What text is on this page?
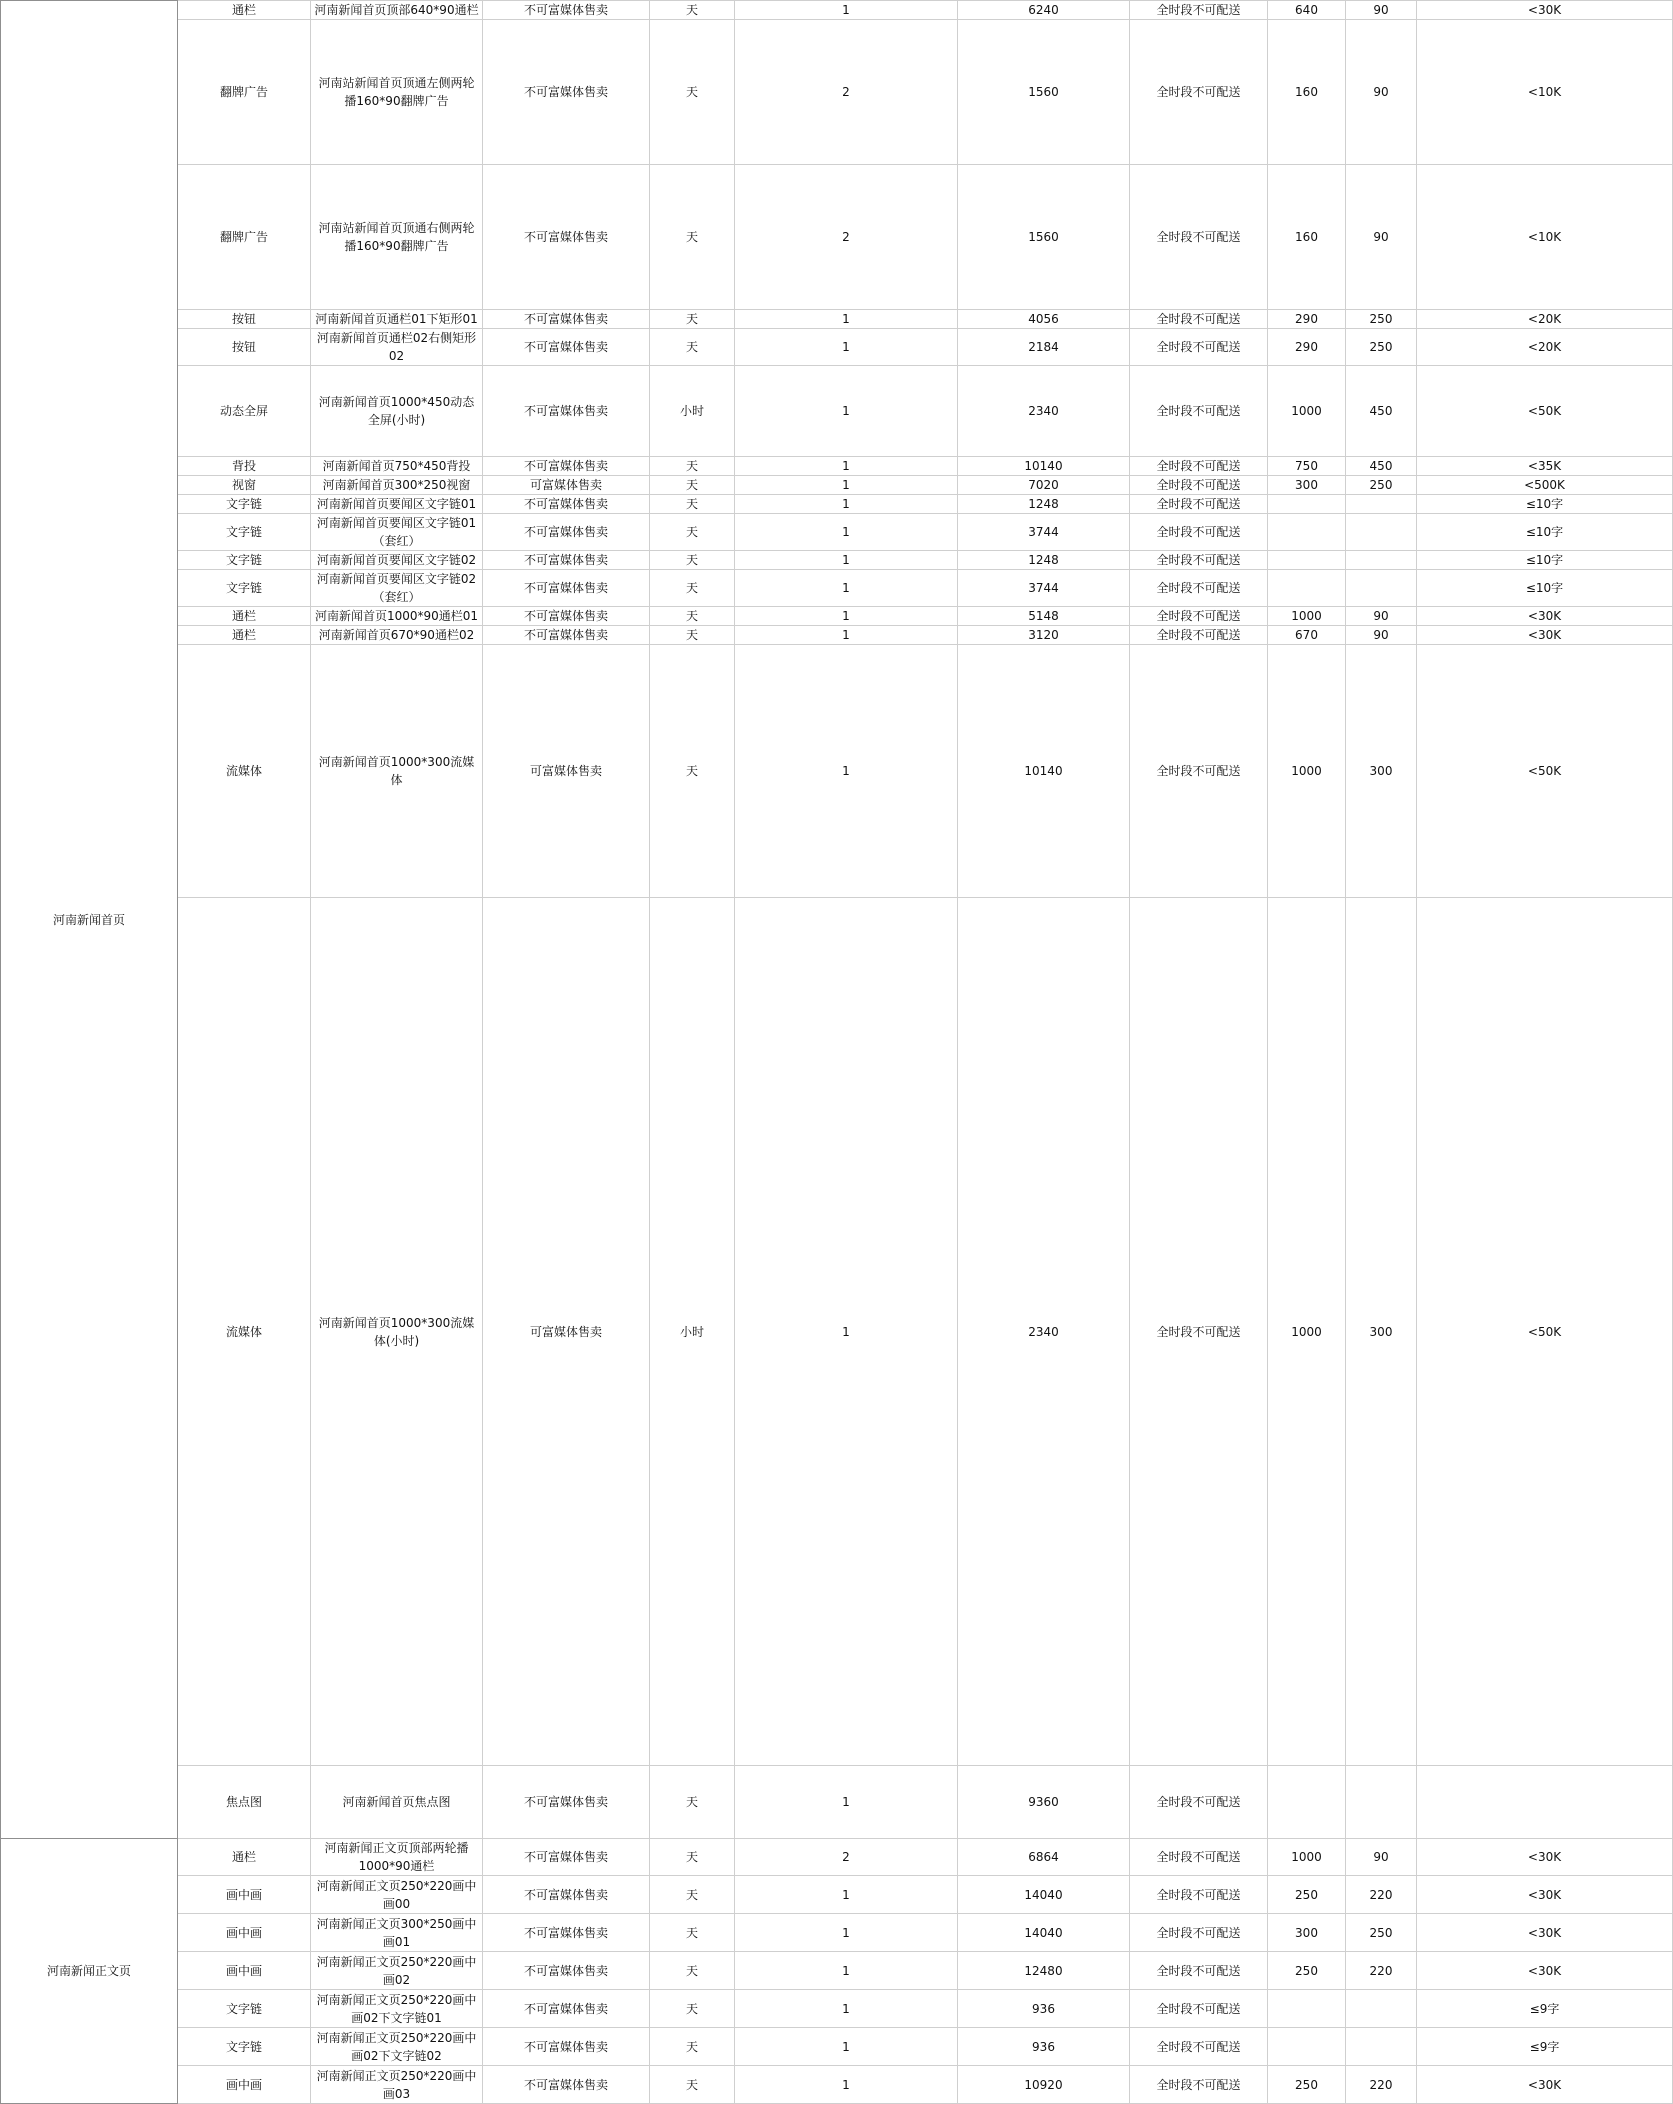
河南新闻首页	通栏	河南新闻首页顶部640*90通栏	不可富媒体售卖	天	1	6240	全时段不可配送	640	90	<30K	
	翻牌广告	河南站新闻首页顶通左侧两轮播160*90翻牌广告	不可富媒体售卖	天	2	1560	全时段不可配送	160	90	<10K	
	翻牌广告	河南站新闻首页顶通右侧两轮播160*90翻牌广告	不可富媒体售卖	天	2	1560	全时段不可配送	160	90	<10K	
	按钮	河南新闻首页通栏01下矩形01	不可富媒体售卖	天	1	4056	全时段不可配送	290	250	<20K	
	按钮	河南新闻首页通栏02右侧矩形02	不可富媒体售卖	天	1	2184	全时段不可配送	290	250	<20K	
	动态全屏	河南新闻首页1000*450动态全屏(小时)	不可富媒体售卖	小时	1	2340	全时段不可配送	1000	450	<50K	
	背投	河南新闻首页750*450背投	不可富媒体售卖	天	1	10140	全时段不可配送	750	450	<35K	
	视窗	河南新闻首页300*250视窗	可富媒体售卖	天	1	7020	全时段不可配送	300	250	<500K	
	文字链	河南新闻首页要闻区文字链01	不可富媒体售卖	天	1	1248	全时段不可配送			≤10字	
	文字链	河南新闻首页要闻区文字链01（套红）	不可富媒体售卖	天	1	3744	全时段不可配送			≤10字	
	文字链	河南新闻首页要闻区文字链02	不可富媒体售卖	天	1	1248	全时段不可配送			≤10字	
	文字链	河南新闻首页要闻区文字链02（套红）	不可富媒体售卖	天	1	3744	全时段不可配送			≤10字	
	通栏	河南新闻首页1000*90通栏01	不可富媒体售卖	天	1	5148	全时段不可配送	1000	90	<30K	
	通栏	河南新闻首页670*90通栏02	不可富媒体售卖	天	1	3120	全时段不可配送	670	90	<30K	
	流媒体	河南新闻首页1000*300流媒体	可富媒体售卖	天	1	10140	全时段不可配送	1000	300	<50K	
	流媒体	河南新闻首页1000*300流媒体(小时)	可富媒体售卖	小时	1	2340	全时段不可配送	1000	300	<50K	
	焦点图	河南新闻首页焦点图	不可富媒体售卖	天	1	9360	全时段不可配送				
河南新闻正文页	通栏	河南新闻正文页顶部两轮播1000*90通栏	不可富媒体售卖	天	2	6864	全时段不可配送	1000	90	<30K	
	画中画	河南新闻正文页250*220画中画00	不可富媒体售卖	天	1	14040	全时段不可配送	250	220	<30K	
	画中画	河南新闻正文页300*250画中画01	不可富媒体售卖	天	1	14040	全时段不可配送	300	250	<30K	
	画中画	河南新闻正文页250*220画中画02	不可富媒体售卖	天	1	12480	全时段不可配送	250	220	<30K	
	文字链	河南新闻正文页250*220画中画02下文字链01	不可富媒体售卖	天	1	936	全时段不可配送			≤9字	
	文字链	河南新闻正文页250*220画中画02下文字链02	不可富媒体售卖	天	1	936	全时段不可配送			≤9字	
	画中画	河南新闻正文页250*220画中画03	不可富媒体售卖	天	1	10920	全时段不可配送	250	220	<30K	
